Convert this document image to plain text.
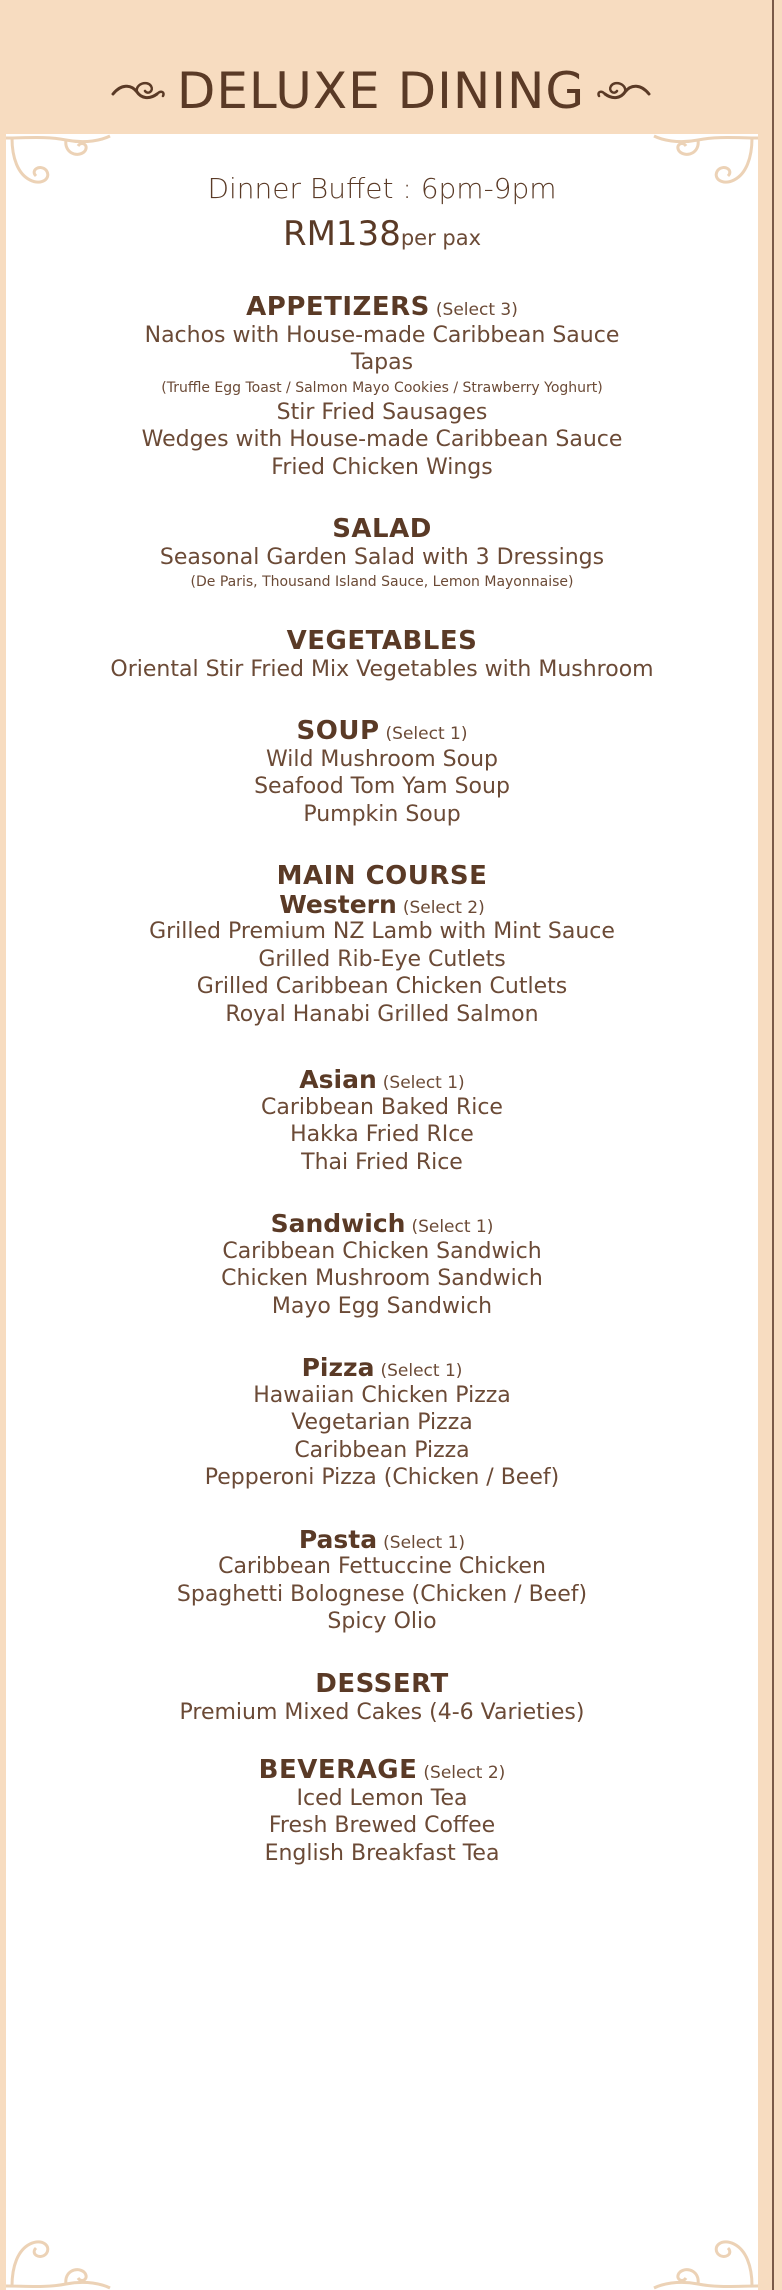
DELUXE DINING
Dinner Buffet : 6pm-9pm
RM138per pax
APPETIZERS (Select 3)
Nachos with House-made Caribbean Sauce
Tapas
(Truffle Egg Toast / Salmon Mayo Cookies / Strawberry Yoghurt)
Stir Fried Sausages
Wedges with House-made Caribbean Sauce
Fried Chicken Wings
SALAD
Seasonal Garden Salad with 3 Dressings
(De Paris, Thousand Island Sauce, Lemon Mayonnaise)
VEGETABLES
Oriental Stir Fried Mix Vegetables with Mushroom
SOUP (Select 1)
Wild Mushroom Soup
Seafood Tom Yam Soup
Pumpkin Soup
MAIN COURSE
Western (Select 2)
Grilled Premium NZ Lamb with Mint Sauce
Grilled Rib-Eye Cutlets
Grilled Caribbean Chicken Cutlets
Royal Hanabi Grilled Salmon
Asian (Select 1)
Caribbean Baked Rice
Hakka Fried RIce
Thai Fried Rice
Sandwich (Select 1)
Caribbean Chicken Sandwich
Chicken Mushroom Sandwich
Mayo Egg Sandwich
Pizza (Select 1)
Hawaiian Chicken Pizza
Vegetarian Pizza
Caribbean Pizza
Pepperoni Pizza (Chicken / Beef)
Pasta (Select 1)
Caribbean Fettuccine Chicken
Spaghetti Bolognese (Chicken / Beef)
Spicy Olio
DESSERT
Premium Mixed Cakes (4-6 Varieties)
BEVERAGE (Select 2)
Iced Lemon Tea
Fresh Brewed Coffee
English Breakfast Tea
